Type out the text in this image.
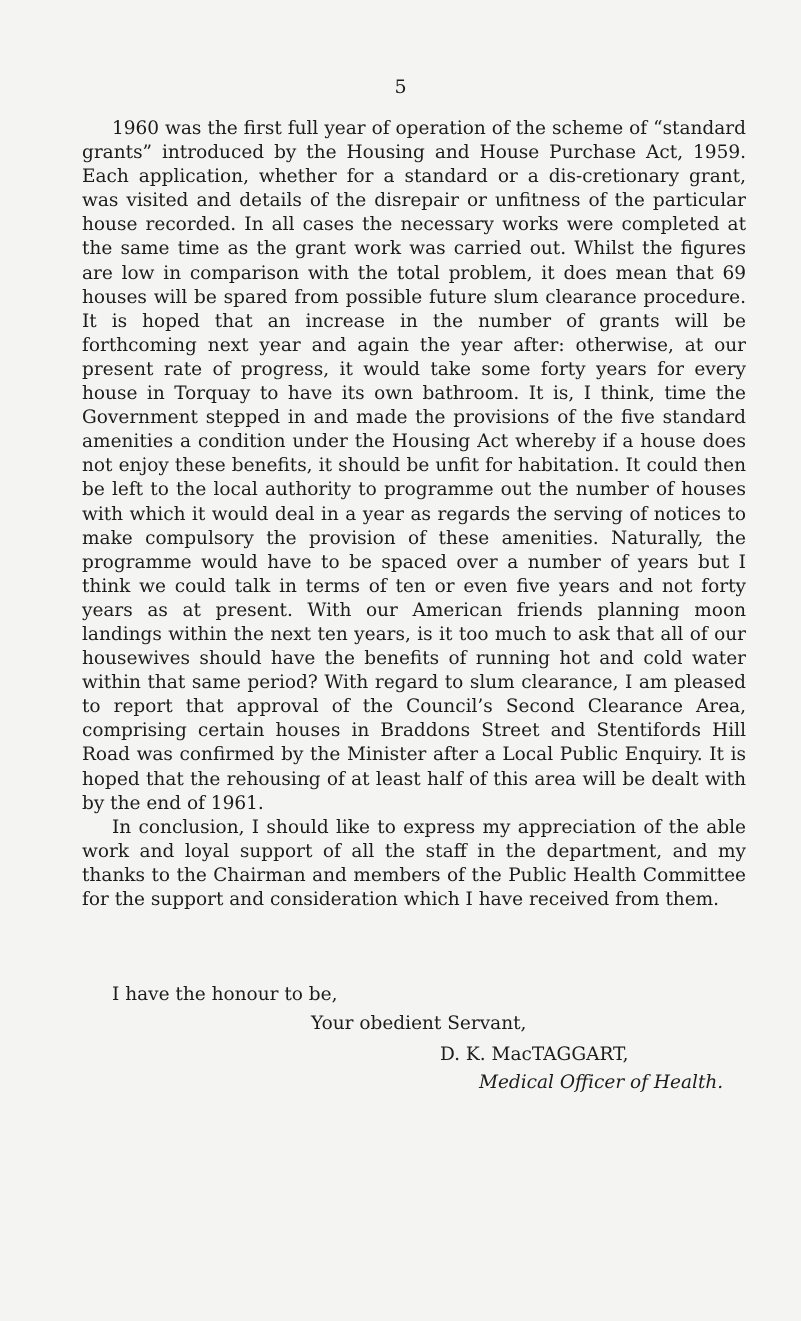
5

1960 was the first full year of operation of the scheme of “standard grants” introduced by the Housing and House Purchase Act, 1959. Each application, whether for a standard or a dis-cretionary grant, was visited and details of the disrepair or unfitness of the particular house recorded. In all cases the necessary works were completed at the same time as the grant work was carried out. Whilst the figures are low in comparison with the total problem, it does mean that 69 houses will be spared from possible future slum clearance procedure. It is hoped that an increase in the number of grants will be forthcoming next year and again the year after: otherwise, at our present rate of progress, it would take some forty years for every house in Torquay to have its own bathroom. It is, I think, time the Government stepped in and made the provisions of the five standard amenities a condition under the Housing Act whereby if a house does not enjoy these benefits, it should be unfit for habitation. It could then be left to the local authority to programme out the number of houses with which it would deal in a year as regards the serving of notices to make compulsory the provision of these amenities. Naturally, the programme would have to be spaced over a number of years but I think we could talk in terms of ten or even five years and not forty years as at present. With our American friends planning moon landings within the next ten years, is it too much to ask that all of our housewives should have the benefits of running hot and cold water within that same period? With regard to slum clearance, I am pleased to report that approval of the Council’s Second Clearance Area, comprising certain houses in Braddons Street and Stentifords Hill Road was confirmed by the Minister after a Local Public Enquiry. It is hoped that the rehousing of at least half of this area will be dealt with by the end of 1961.

In conclusion, I should like to express my appreciation of the able work and loyal support of all the staff in the department, and my thanks to the Chairman and members of the Public Health Committee for the support and consideration which I have received from them.

I have the honour to be,
Your obedient Servant,
D. K. MacTAGGART,
Medical Officer of Health.
